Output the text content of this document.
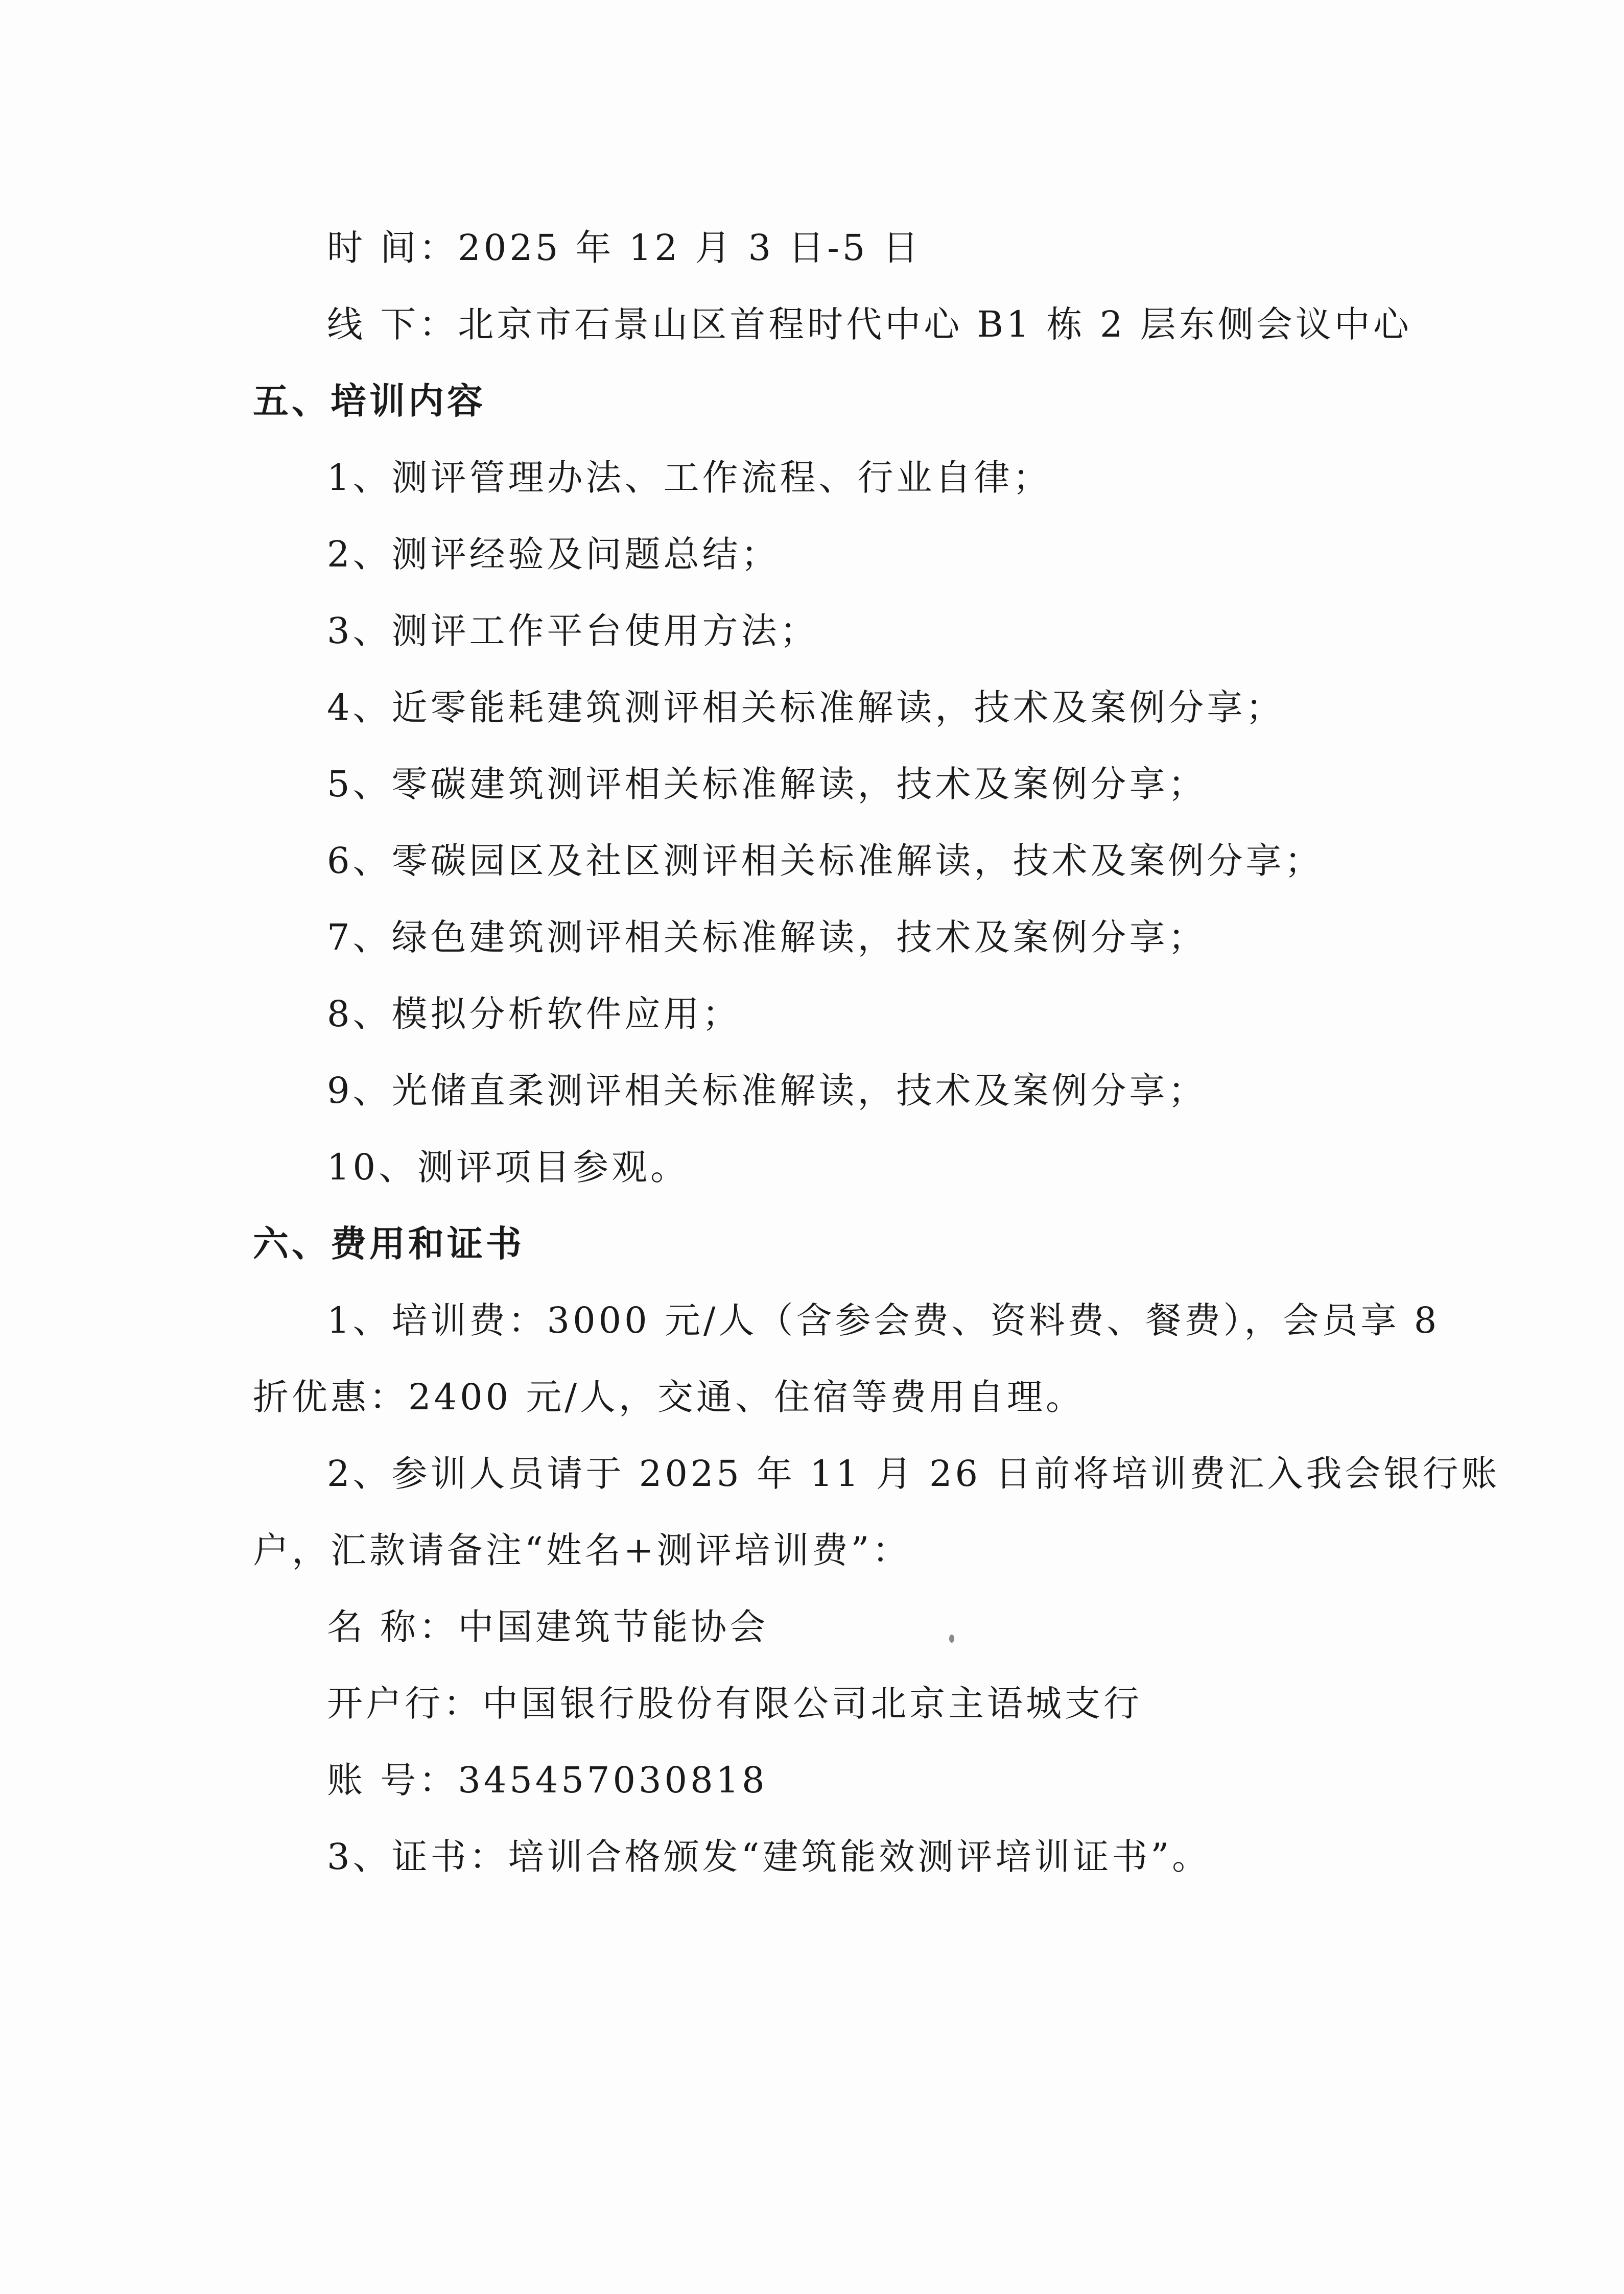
时 间：2025 年 12 月 3 日-5 日
线 下：北京市石景山区首程时代中心 B1 栋 2 层东侧会议中心
五、培训内容
1、测评管理办法、工作流程、行业自律；
2、测评经验及问题总结；
3、测评工作平台使用方法；
4、近零能耗建筑测评相关标准解读，技术及案例分享；
5、零碳建筑测评相关标准解读，技术及案例分享；
6、零碳园区及社区测评相关标准解读，技术及案例分享；
7、绿色建筑测评相关标准解读，技术及案例分享；
8、模拟分析软件应用；
9、光储直柔测评相关标准解读，技术及案例分享；
10、测评项目参观。
六、费用和证书
1、培训费：3000 元/人（含参会费、资料费、餐费），会员享 8
折优惠：2400 元/人，交通、住宿等费用自理。
2、参训人员请于 2025 年 11 月 26 日前将培训费汇入我会银行账
户，汇款请备注“姓名+测评培训费”：
名 称：中国建筑节能协会
开户行：中国银行股份有限公司北京主语城支行
账 号：345457030818
3、证书：培训合格颁发“建筑能效测评培训证书”。
